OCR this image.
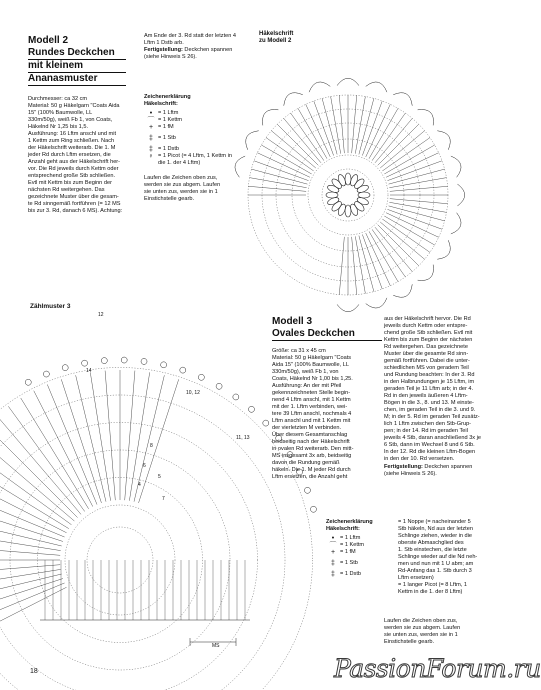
12
14
10, 12
8
6
4
5
7
11, 13
MS
Modell 2
Rundes Deckchen
mit kleinem
Ananasmuster
Durchmesser: ca 32 cm
Material: 50 g Häkelgarn "Coats Aida
15" (100% Baumwolle, LL
330m/50g), weiß Fb 1, von Coats,
Häkelnd Nr 1,25 bis 1,5.
Ausführung: 16 Lftm anschl und mit
1 Kettm zum Ring schließen. Nach
der Häkelschrift weiterarb. Die 1. M
jeder Rd durch Lftm ersetzen, die
Anzahl geht aus der Häkelschrift her-
vor. Die Rd jeweils durch Kettm oder
entsprechend große Stb schließen.
Evtl mit Kettm bis zum Beginn der
nächsten Rd weitergehen. Das
gezeichnete Muster über die gesam-
te Rd sinngemäß fortführen (= 12 MS
bis zur 3. Rd, danach 6 MS). Achtung:
Am Ende der 3. Rd statt der letzten 4
Lftm 1 Dstb arb.
Fertigstellung: Deckchen spannen
(siehe Hinweis S 26).
Zeichenerklärung
Häkelschrift:
•	= 1 Lftm
⌒ = 1 Kettm
+ = 1 fM
‡ = 1 Stb
‡ = 1 Dstb
♀ = 1 Picot (= 4 Lftm, 1 Kettm in
die 1. der 4 Lftm)
Laufen die Zeichen oben zus,
werden sie zus abgem. Laufen
sie unten zus, werden sie in 1
Einstichstelle gearb.
Häkelschrift
zu Modell 2
Zählmuster 3
Modell 3
Ovales Deckchen
Größe: ca 31 x 45 cm
Material: 50 g Häkelgarn "Coats
Aida 15" (100% Baumwolle, LL
330m/50g), weiß Fb 1, von
Coats, Häkelnd Nr 1,00 bis 1,25.
Ausführung: An der mit Pfeil
gekennzeichneten Stelle begin-
nend 4 Lftm anschl, mit 1 Kettm
mit der 1. Lftm verbinden, wei-
tere 39 Lftm anschl, nochmals 4
Lftm anschl und mit 1 Kettm mit
der vierletzten M verbinden.
Über diesem Gesamtanschlag
beidseitig nach der Häkelschrift
in ovalen Rd weiterarb. Den mitt-
MS insgesamt 3x arb, beidseitig
davon die Rundung gemäß
häkeln. Die 1. M jeder Rd durch
Lftm ersetzen, die Anzahl geht
aus der Häkelschrift hervor. Die Rd
jeweils durch Kettm oder entspre-
chend große Stb schließen. Evtl mit
Kettm bis zum Beginn der nächsten
Rd weitergehen. Das gezeichnete
Muster über die gesamte Rd sinn-
gemäß fortführen. Dabei die unter-
schiedlichen MS von geradem Teil
und Rundung beachten: In der 3. Rd
in den Halbrundungen je 15 Lftm, im
geraden Teil je 11 Lftm arb; in der 4.
Rd in den jeweils äußeren 4 Lftm-
Bögen in die 3., 8. und 13. M einste-
chen, im geraden Teil in die 3. und 9.
M; in der 5. Rd im geraden Teil zusätz-
lich 1 Lftm zwischen den Stb-Grup-
pen; in der 14. Rd im geraden Teil
jeweils 4 Stb, daran anschließend 3x je
6 Stb, dann im Wechsel 8 und 6 Stb.
In der 12. Rd die kleinen Lftm-Bogen
in den der 10. Rd versetzen.
Fertigstellung: Deckchen spannen
(siehe Hinweis S 26).
Zeichenerklärung
Häkelschrift:
•	= 1 Lftm
⌒ = 1 Kettm
+ = 1 fM
‡ = 1 Stb
‡ = 1 Dstb
= 1 Noppe (= nacheinander 5
Stb häkeln, Nd aus der letzten
Schlinge ziehen, wieder in die
oberste Abmaschglied des
1. Stb einstechen, die letzte
Schlinge wieder auf die Nd neh-
men und nun mit 1 U abm; am
Rd-Anfang das 1. Stb durch 3
Lftm ersetzen)
= 1 langer Picot (= 8 Lftm, 1
Kettm in die 1. der 8 Lftm)
Laufen die Zeichen oben zus,
werden sie zus abgem. Laufen
sie unten zus, werden sie in 1
Einstichstelle gearb.
18	PassionForum.ru
